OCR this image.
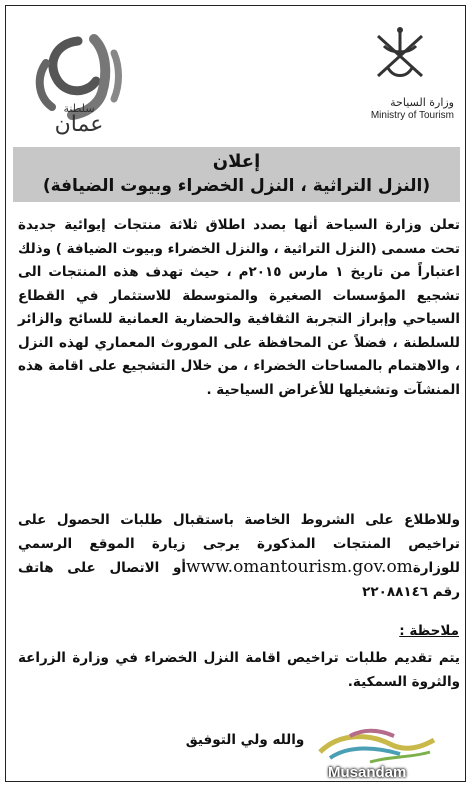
سلطنة
عمان
وزارة السياحة
Ministry of Tourism
إعلان
(النزل التراثية ، النزل الخضراء وبيوت الضيافة)

تعلن وزارة السياحة أنها بصدد اطلاق ثلاثة منتجات إيوائية جديدة تحت مسمى (النزل التراثية ، والنزل الخضراء وبيوت الضيافة ) وذلك اعتباراً من تاريخ ١ مارس ٢٠١٥م ، حيث تهدف هذه المنتجات الى تشجيع المؤسسات الصغيرة والمتوسطة للاستثمار في القطاع السياحي وإبراز التجربة الثقافية والحضارية العمانية للسائح والزائر للسلطنة ، فضلاً عن المحافظة على الموروث المعماري لهذه النزل ، والاهتمام بالمساحات الخضراء ، من خلال التشجيع على اقامة هذه المنشآت وتشغيلها للأغراض السياحية .

وللاطلاع على الشروط الخاصة باستقبال طلبات الحصول على تراخيص المنتجات المذكورة يرجى زيارة الموقع الرسمي للوزارةwww.omantourism.gov.omأو الاتصال على هاتف رقم ٢٢٠٨٨١٤٦

ملاحظة :

يتم تقديم طلبات تراخيص اقامة النزل الخضراء في وزارة الزراعة والثروة السمكية.

والله ولي التوفيق
Musandam
